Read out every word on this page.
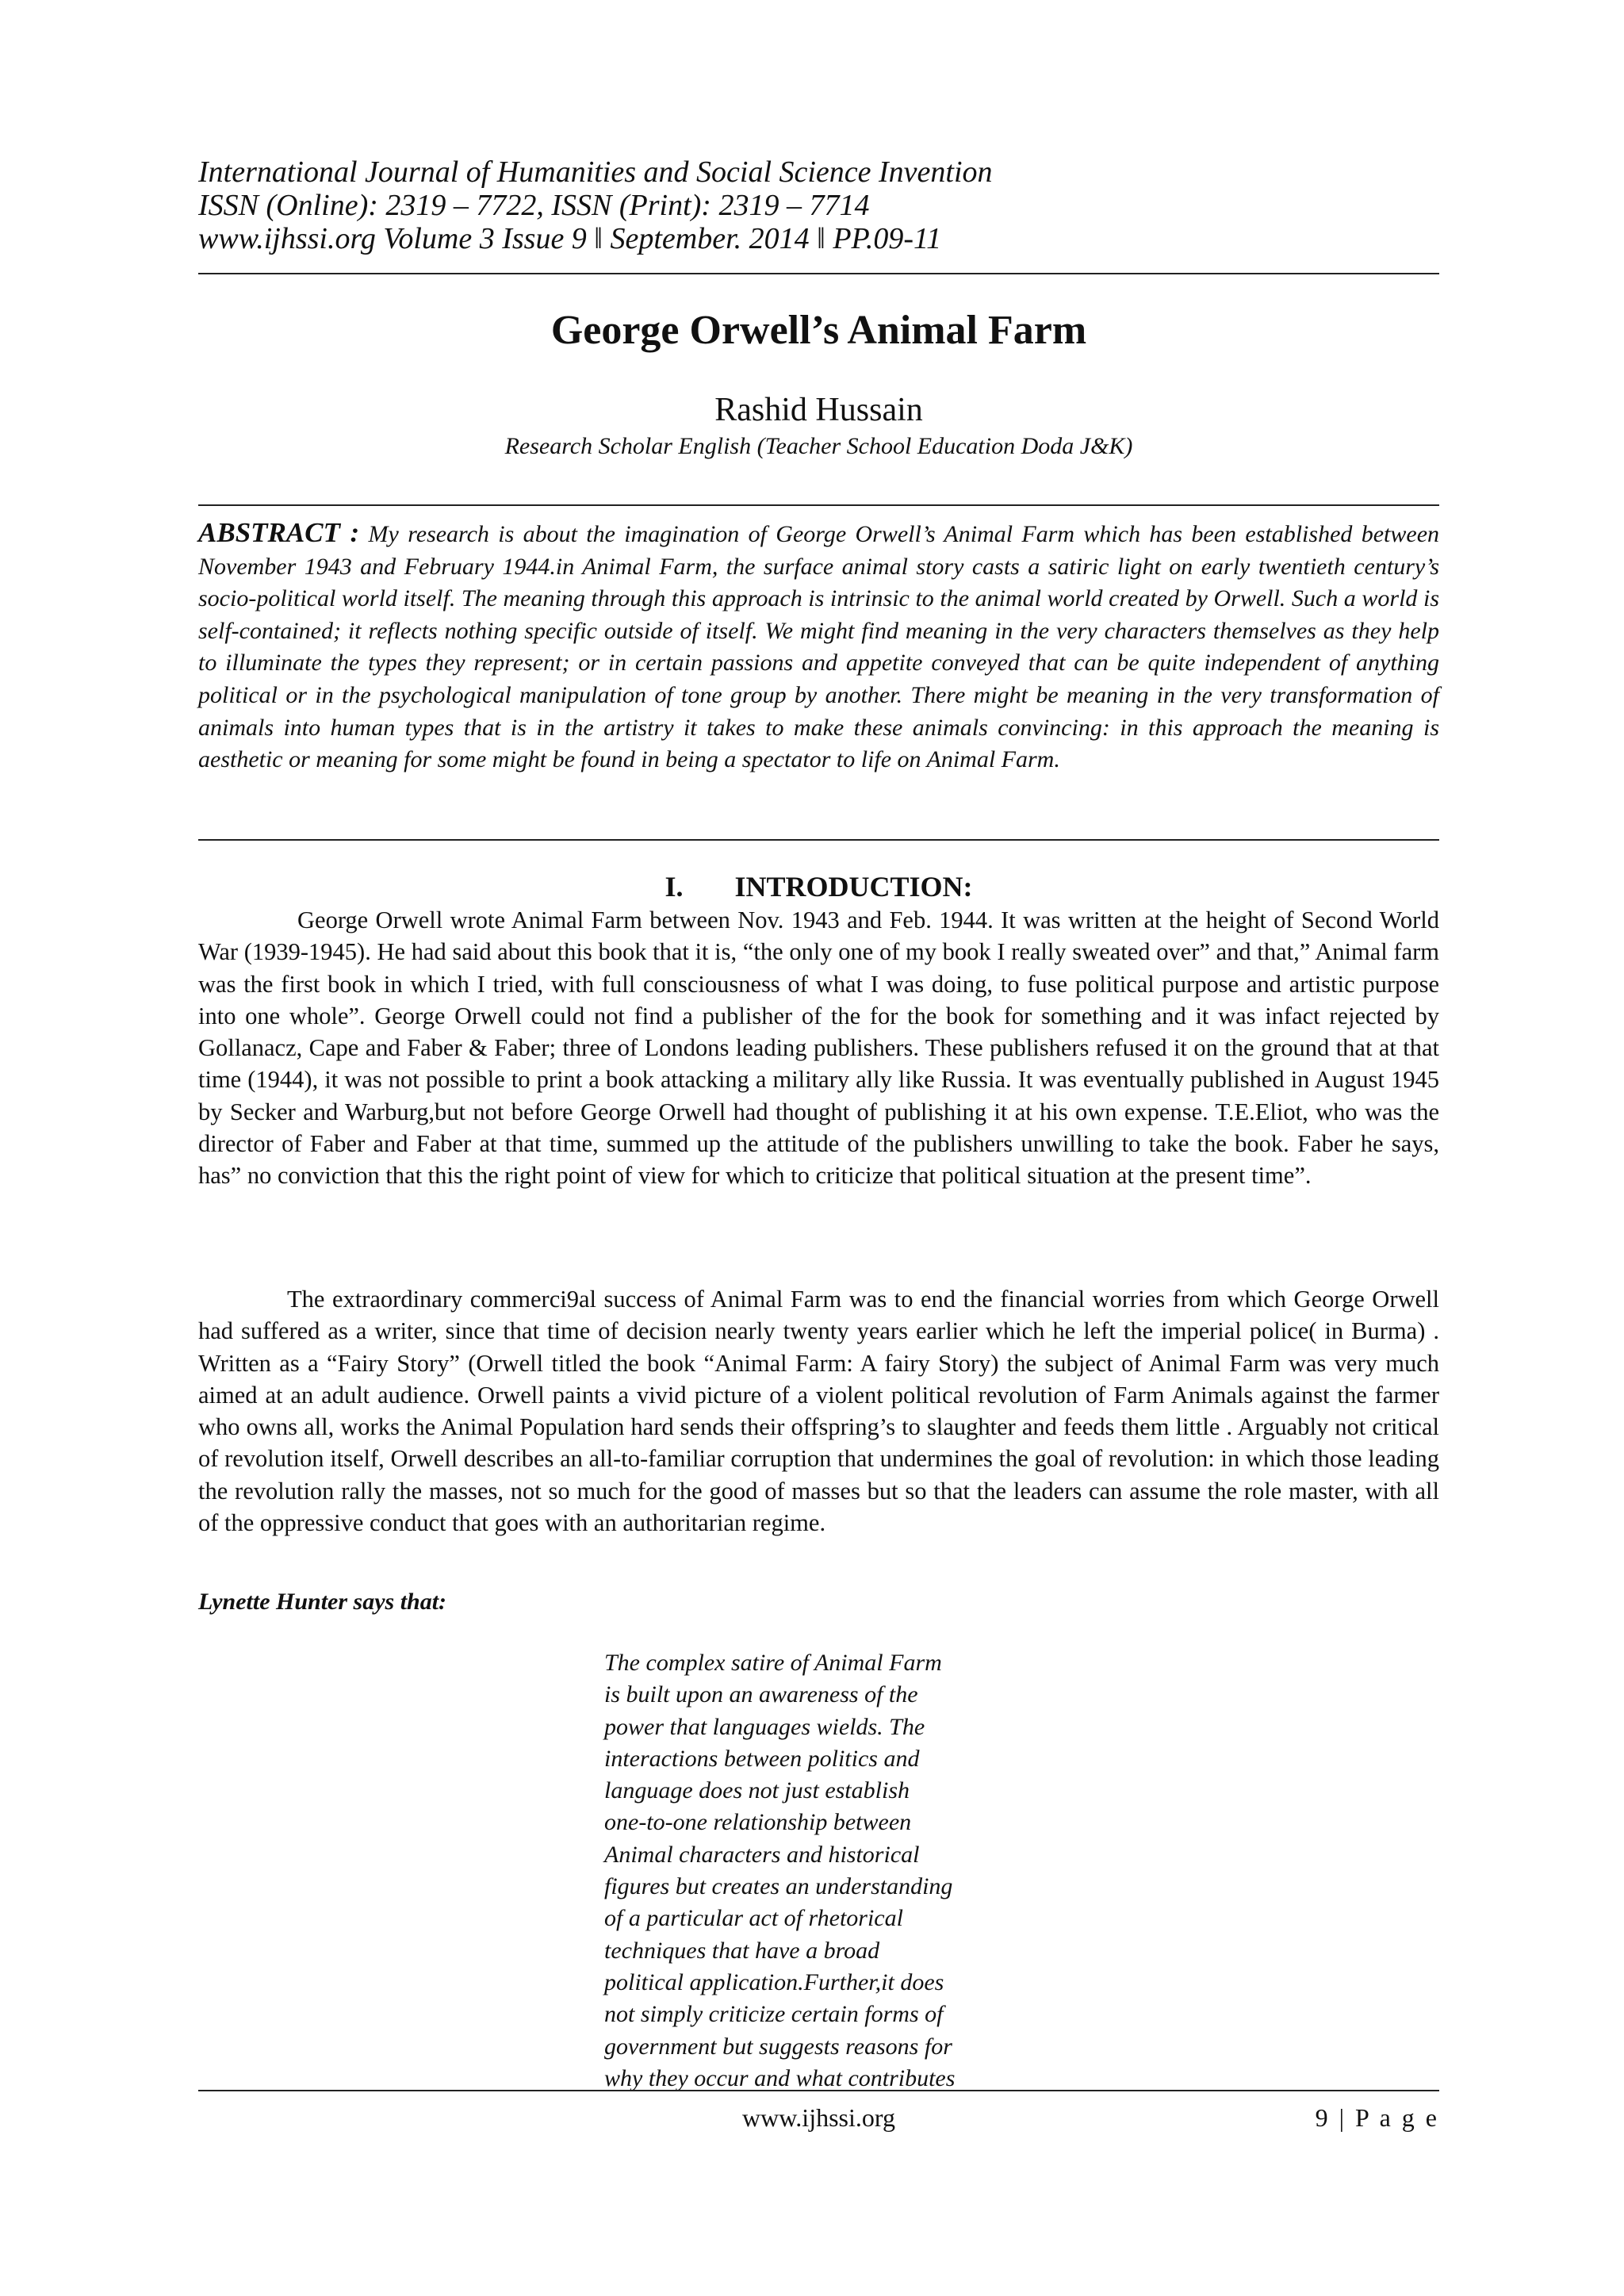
International Journal of Humanities and Social Science Invention
ISSN (Online): 2319 – 7722, ISSN (Print): 2319 – 7714
www.ijhssi.org Volume 3 Issue 9 ǁ September. 2014 ǁ PP.09-11
George Orwell’s Animal Farm
Rashid Hussain
Research Scholar English (Teacher School Education Doda J&K)
ABSTRACT : My research is about the imagination of George Orwell’s Animal Farm which has been established between November 1943 and February 1944.in Animal Farm, the surface animal story casts a satiric light on early twentieth century’s socio-political world itself. The meaning through this approach is intrinsic to the animal world created by Orwell. Such a world is self-contained; it reflects nothing specific outside of itself. We might find meaning in the very characters themselves as they help to illuminate the types they represent; or in certain passions and appetite conveyed that can be quite independent of anything political or in the psychological manipulation of tone group by another. There might be meaning in the very transformation of animals into human types that is in the artistry it takes to make these animals convincing: in this approach the meaning is aesthetic or meaning for some might be found in being a spectator to life on Animal Farm.
I. INTRODUCTION:
George Orwell wrote Animal Farm between Nov. 1943 and Feb. 1944. It was written at the height of Second World War (1939-1945). He had said about this book that it is, “the only one of my book I really sweated over” and that,” Animal farm was the first book in which I tried, with full consciousness of what I was doing, to fuse political purpose and artistic purpose into one whole”. George Orwell could not find a publisher of the for the book for something and it was infact rejected by Gollanacz, Cape and Faber & Faber; three of Londons leading publishers. These publishers refused it on the ground that at that time (1944), it was not possible to print a book attacking a military ally like Russia. It was eventually published in August 1945 by Secker and Warburg,but not before George Orwell had thought of publishing it at his own expense. T.E.Eliot, who was the director of Faber and Faber at that time, summed up the attitude of the publishers unwilling to take the book. Faber he says, has” no conviction that this the right point of view for which to criticize that political situation at the present time”.
The extraordinary commerci9al success of Animal Farm was to end the financial worries from which George Orwell had suffered as a writer, since that time of decision nearly twenty years earlier which he left the imperial police( in Burma) . Written as a “Fairy Story” (Orwell titled the book “Animal Farm: A fairy Story) the subject of Animal Farm was very much aimed at an adult audience. Orwell paints a vivid picture of a violent political revolution of Farm Animals against the farmer who owns all, works the Animal Population hard sends their offspring’s to slaughter and feeds them little . Arguably not critical of revolution itself, Orwell describes an all-to-familiar corruption that undermines the goal of revolution: in which those leading the revolution rally the masses, not so much for the good of masses but so that the leaders can assume the role master, with all of the oppressive conduct that goes with an authoritarian regime.
Lynette Hunter says that:
The complex satire of Animal Farm
is built upon an awareness of the
power that languages wields. The
interactions between politics and
language does not just establish
one-to-one relationship between
Animal characters and historical
figures but creates an understanding
of a particular act of rhetorical
techniques that have a broad
political application.Further,it does
not simply criticize certain forms of
government but suggests reasons for
why they occur and what contributes
www.ijhssi.org	9 | P a g e
